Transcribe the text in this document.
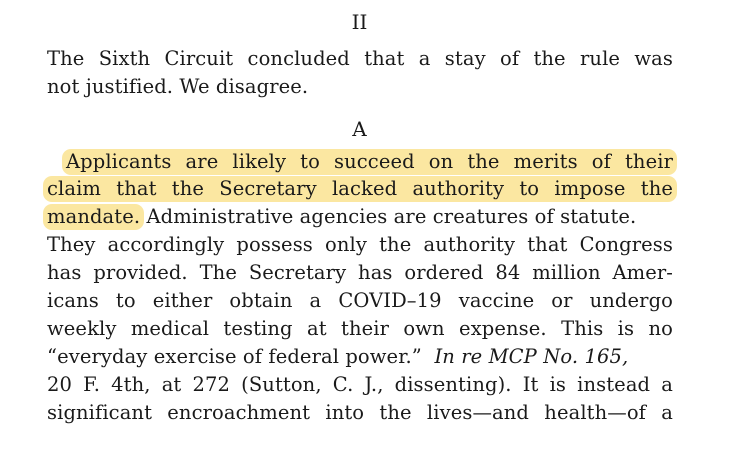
II
The Sixth Circuit concluded that a stay of the rule was
not justified. We disagree.
A
Applicants are likely to succeed on the merits of their
claim that the Secretary lacked authority to impose the
mandate. Administrative agencies are creatures of statute.
They accordingly possess only the authority that Congress
has provided. The Secretary has ordered 84 million Amer-
icans to either obtain a COVID–19 vaccine or undergo
weekly medical testing at their own expense. This is no
“everyday exercise of federal power.” In re MCP No. 165,
20 F. 4th, at 272 (Sutton, C. J., dissenting). It is instead a
significant encroachment into the lives—and health—of a
